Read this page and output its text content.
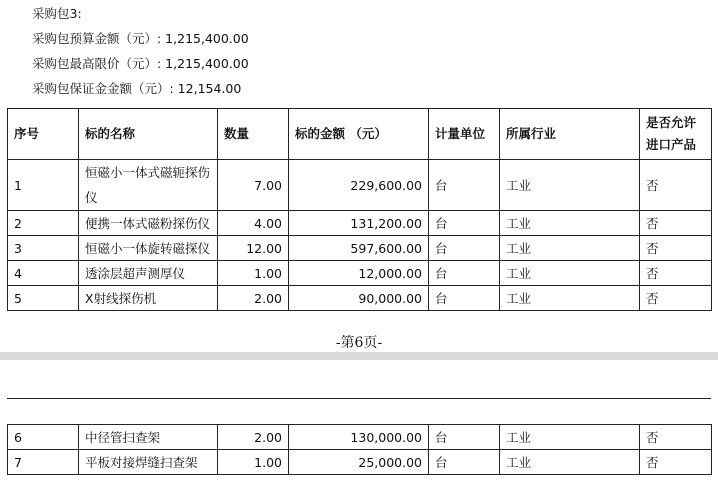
采购包3:
采购包预算金额（元）: 1,215,400.00
采购包最高限价（元）: 1,215,400.00
采购包保证金金额（元）: 12,154.00
序号	标的名称	数量	标的金额 （元）	计量单位	所属行业	是否允许
进口产品

1	恒磁小一体式磁轭探伤
仪	7.00	229,600.00	台	工业	否
2	便携一体式磁粉探伤仪	4.00	131,200.00	台	工业	否
3	恒磁小一体旋转磁探仪	12.00	597,600.00	台	工业	否
4	透涂层超声测厚仪	1.00	12,000.00	台	工业	否
5	X射线探伤机	2.00	90,000.00	台	工业	否
-第6页-
6	中径管扫查架	2.00	130,000.00	台	工业	否
7	平板对接焊缝扫查架	1.00	25,000.00	台	工业	否
